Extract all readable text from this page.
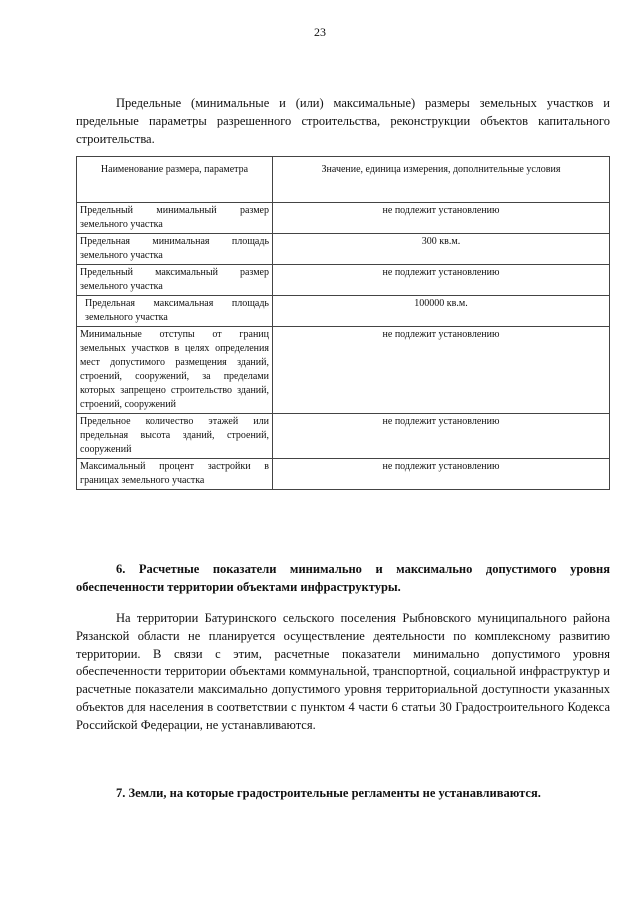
23

Предельные (минимальные и (или) максимальные) размеры земельных участков и предельные параметры разрешенного строительства, реконструкции объектов капитального строительства.

Наименование размера, параметра	Значение, единица измерения, дополнительные условия
Предельный минимальный размер земельного участка	не подлежит установлению
Предельная минимальная площадь земельного участка	300 кв.м.
Предельный максимальный размер земельного участка	не подлежит установлению
Предельная максимальная площадь земельного участка	100000 кв.м.
Минимальные отступы от границ земельных участков в целях определения мест допустимого размещения зданий, строений, сооружений, за пределами которых запрещено строительство зданий, строений, сооружений	не подлежит установлению
Предельное количество этажей или предельная высота зданий, строений, сооружений	не подлежит установлению
Максимальный процент застройки в границах земельного участка	не подлежит установлению

6. Расчетные показатели минимально и максимально допустимого уровня обеспеченности территории объектами инфраструктуры.

На территории Батуринского сельского поселения Рыбновского муниципального района Рязанской области не планируется осуществление деятельности по комплексному развитию территории. В связи с этим, расчетные показатели минимально допустимого уровня обеспеченности территории объектами коммунальной, транспортной, социальной инфраструктур и расчетные показатели максимально допустимого уровня территориальной доступности указанных объектов для населения в соответствии с пунктом 4 части 6 статьи 30 Градостроительного Кодекса Российской Федерации, не устанавливаются.

7. Земли, на которые градостроительные регламенты не устанавливаются.
